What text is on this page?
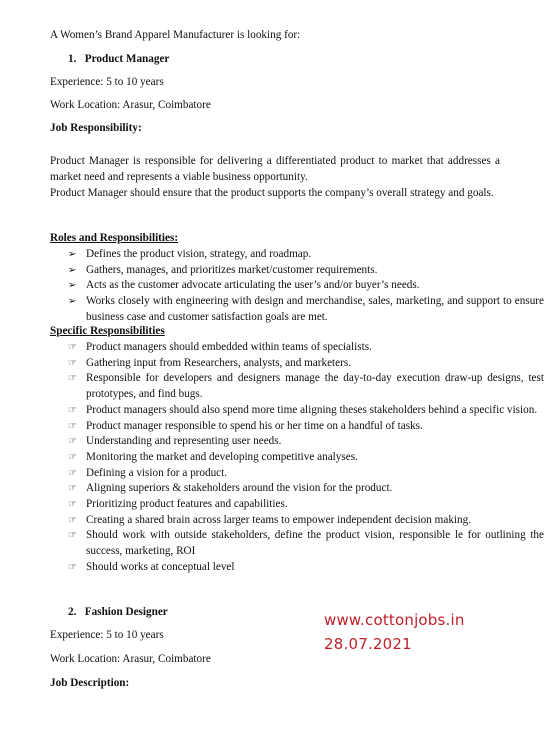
A Women’s Brand Apparel Manufacturer is looking for:
1. Product Manager
Experience: 5 to 10 years
Work Location: Arasur, Coimbatore
Job Responsibility:
Product Manager is responsible for delivering a differentiated product to market that addresses a market need and represents a viable business opportunity.
Product Manager should ensure that the product supports the company’s overall strategy and goals.
Roles and Responsibilities:
➢ Defines the product vision, strategy, and roadmap.
➢ Gathers, manages, and prioritizes market/customer requirements.
➢ Acts as the customer advocate articulating the user’s and/or buyer’s needs.
➢ Works closely with engineering with design and merchandise, sales, marketing, and support to ensure business case and customer satisfaction goals are met.
Specific Responsibilities
☞ Product managers should embedded within teams of specialists.
☞ Gathering input from Researchers, analysts, and marketers.
☞ Responsible for developers and designers manage the day-to-day execution draw-up designs, test prototypes, and find bugs.
☞ Product managers should also spend more time aligning theses stakeholders behind a specific vision.
☞ Product manager responsible to spend his or her time on a handful of tasks.
☞ Understanding and representing user needs.
☞ Monitoring the market and developing competitive analyses.
☞ Defining a vision for a product.
☞ Aligning superiors & stakeholders around the vision for the product.
☞ Prioritizing product features and capabilities.
☞ Creating a shared brain across larger teams to empower independent decision making.
☞ Should work with outside stakeholders, define the product vision, responsible le for outlining the success, marketing, ROI
☞ Should works at conceptual level
2. Fashion Designer
Experience: 5 to 10 years
Work Location: Arasur, Coimbatore
Job Description:
www.cottonjobs.in
28.07.2021
